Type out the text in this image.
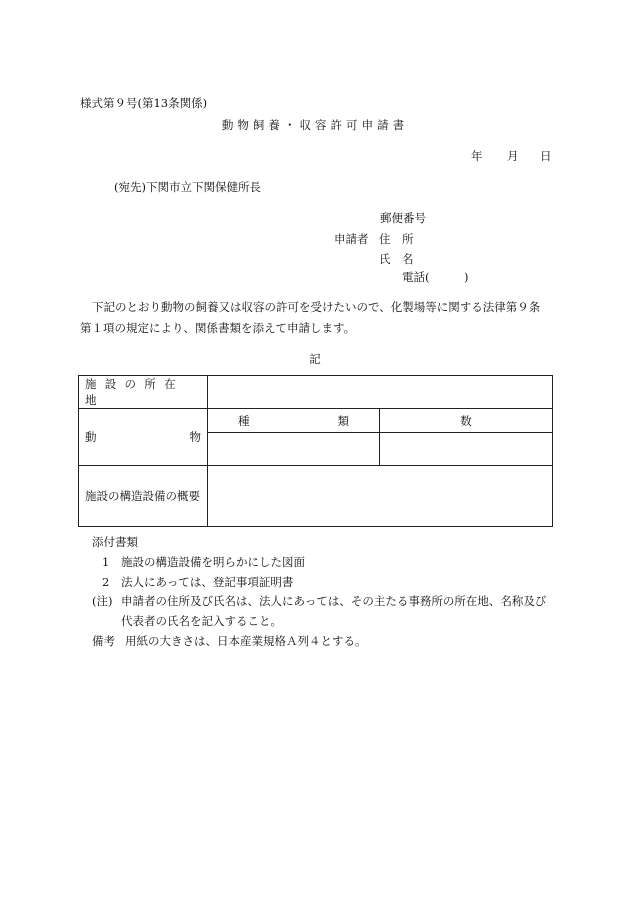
様式第９号(第13条関係)
動物飼養・収容許可申請書
年 月 日
(宛先)下関市立下関保健所長
郵便番号
申請者 住　所
氏　名
電話(　　　)
下記のとおり動物の飼養又は収容の許可を受けたいので、化製場等に関する法律第９条
第１項の規定により、関係書類を添えて申請します。
記
施設の所在地		

動 物	種 類	数

施設の構造設備の概要		
添付書類
1 施設の構造設備を明らかにした図面
2 法人にあっては、登記事項証明書
(注) 申請者の住所及び氏名は、法人にあっては、その主たる事務所の所在地、名称及び
代表者の氏名を記入すること。
備考 用紙の大きさは、日本産業規格Ａ列４とする。
